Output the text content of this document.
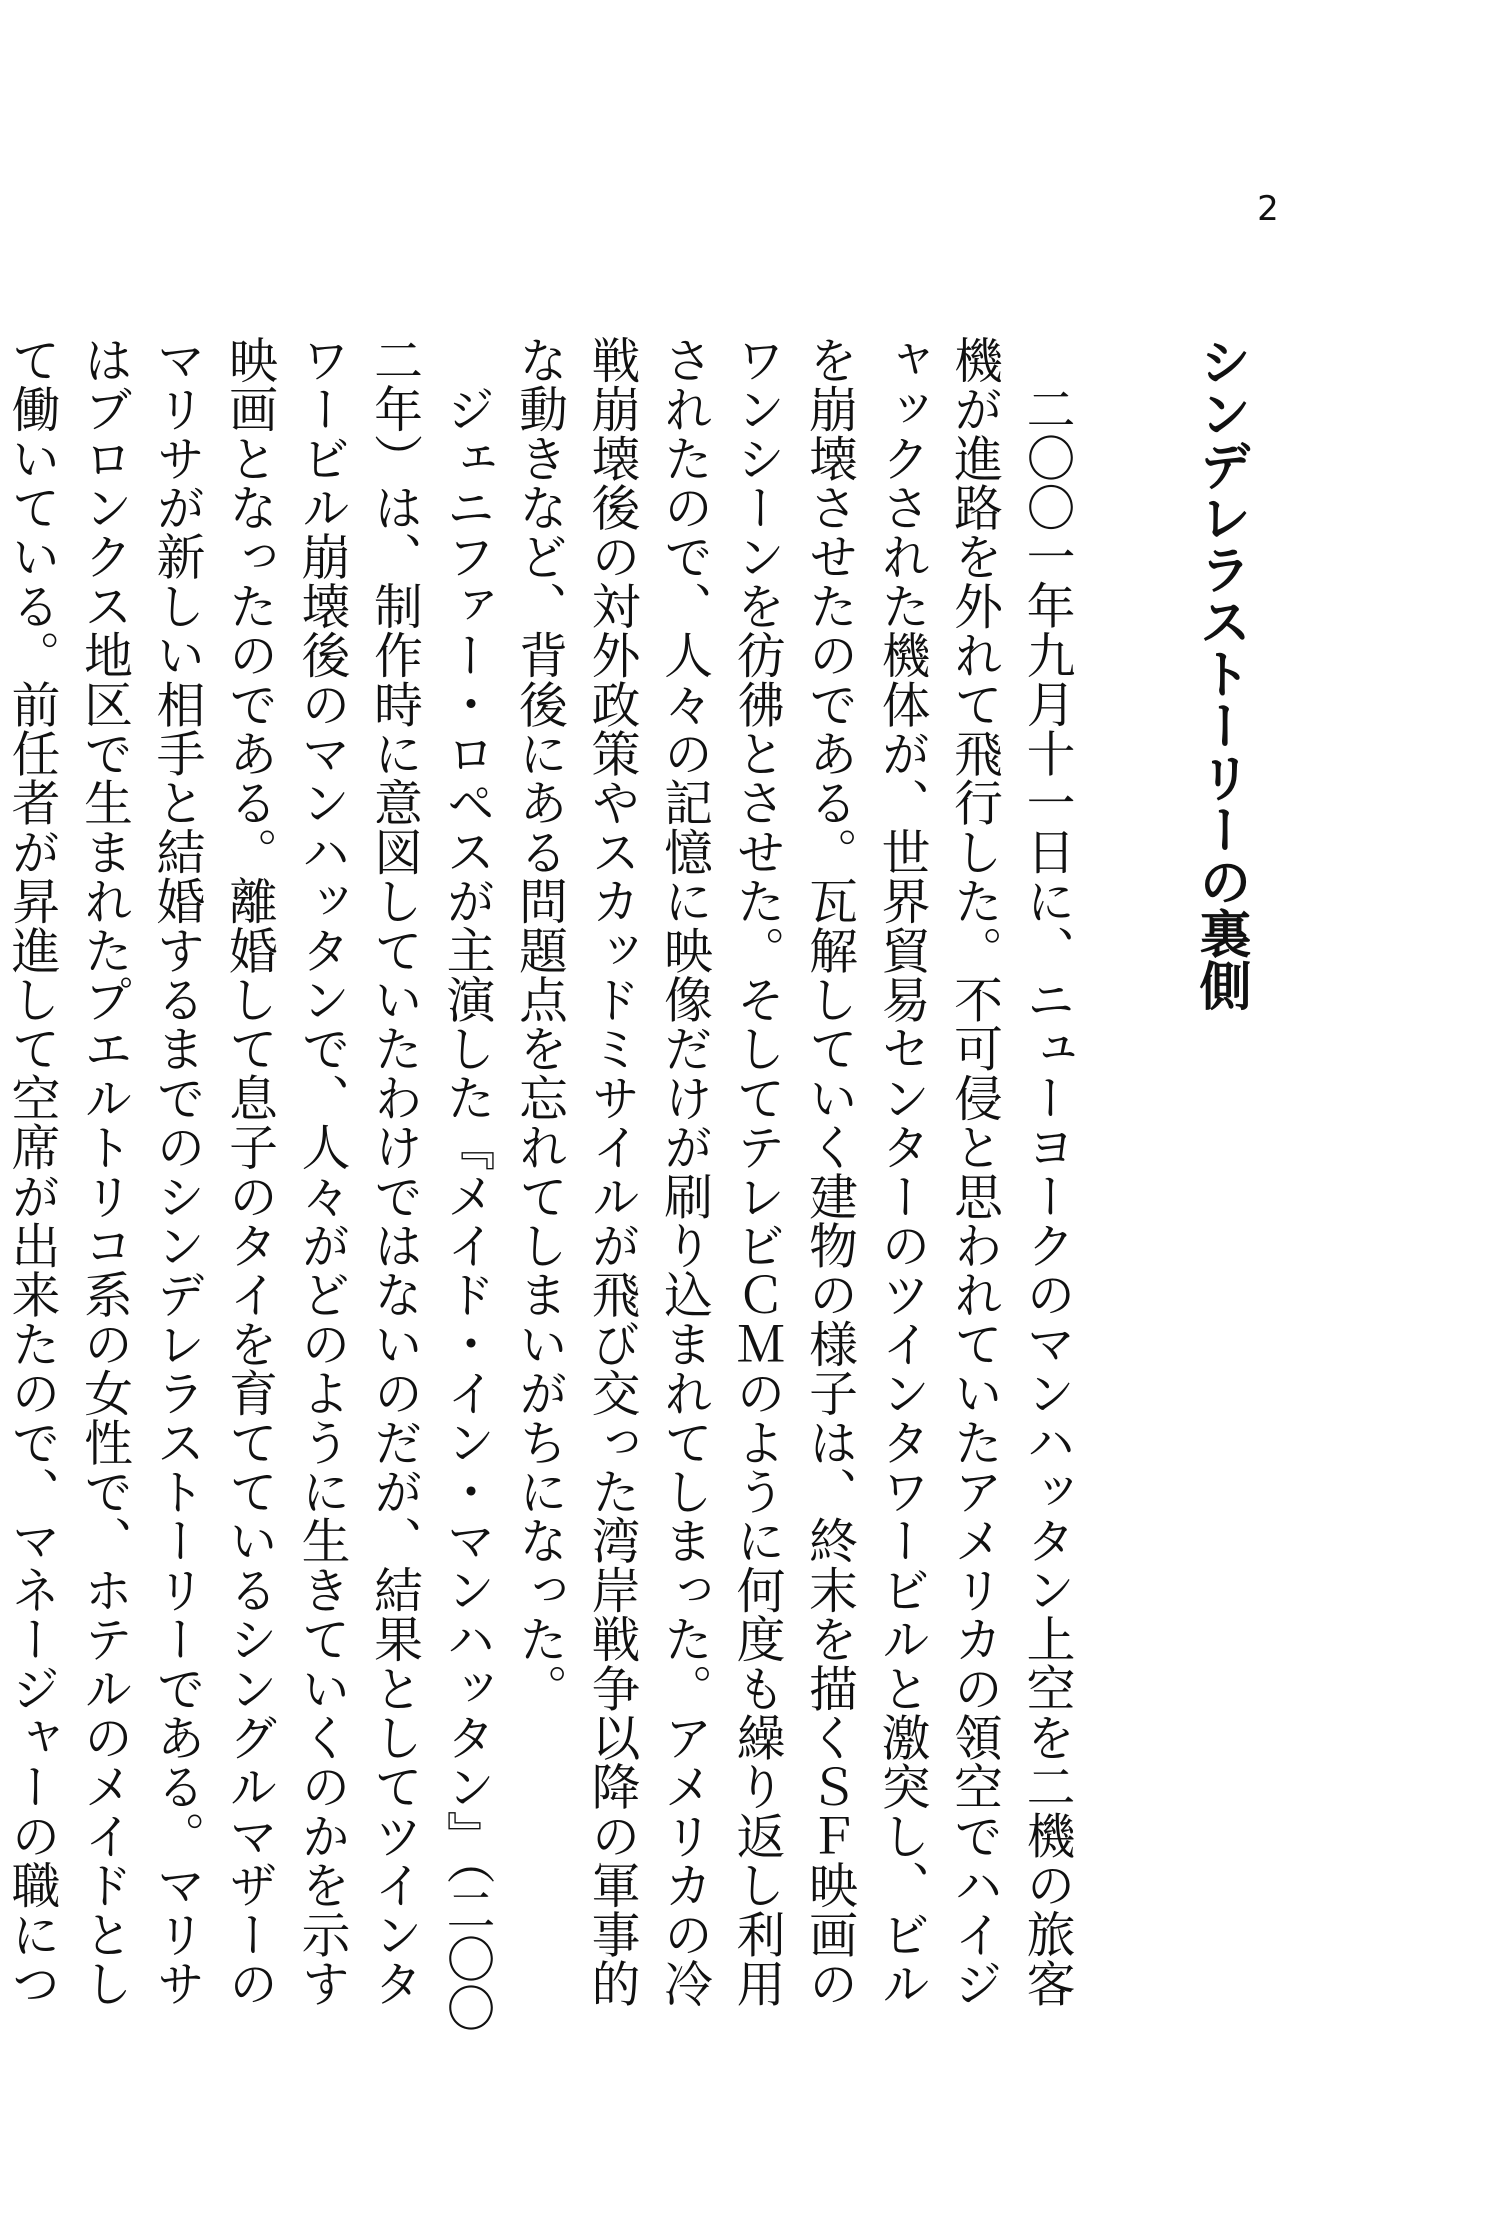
2
シンデレラストーリーの裏側

二〇〇一年九月十一日に、ニューヨークのマンハッタン上空を二機の旅客機が進路を外れて飛行した。不可侵と思われていたアメリカの領空でハイジャックされた機体が、世界貿易センターのツインタワービルと激突し、ビルを崩壊させたのである。瓦解していく建物の様子は、終末を描くＳＦ映画のワンシーンを彷彿とさせた。そしてテレビＣＭのように何度も繰り返し利用されたので、人々の記憶に映像だけが刷り込まれてしまった。アメリカの冷戦崩壊後の対外政策やスカッドミサイルが飛び交った湾岸戦争以降の軍事的な動きなど、背後にある問題点を忘れてしまいがちになった。

ジェニファー・ロペスが主演した『メイド・イン・マンハッタン』（二〇〇二年）は、制作時に意図していたわけではないのだが、結果としてツインタワービル崩壊後のマンハッタンで、人々がどのように生きていくのかを示す映画となったのである。離婚して息子のタイを育てているシングルマザーのマリサが新しい相手と結婚するまでのシンデレラストーリーである。マリサはブロンクス地区で生まれたプエルトリコ系の女性で、ホテルのメイドとして働いている。前任者が昇進して空席が出来たので、マネージャーの職につ
